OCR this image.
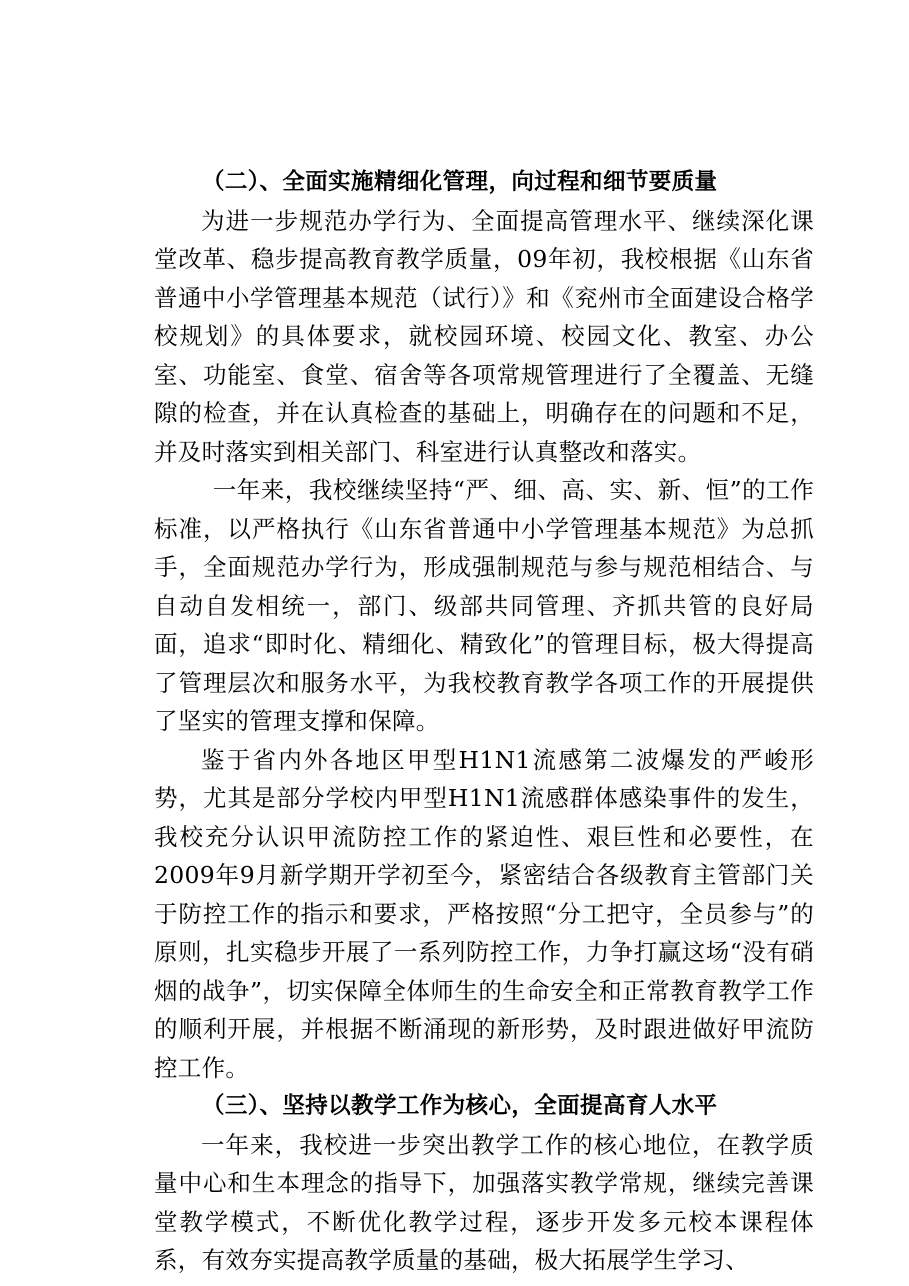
（二）、全面实施精细化管理，向过程和细节要质量

为进一步规范办学行为、全面提高管理水平、继续深化课堂改革、稳步提高教育教学质量，09年初，我校根据《山东省普通中小学管理基本规范（试行）》和《兖州市全面建设合格学校规划》的具体要求，就校园环境、校园文化、教室、办公室、功能室、食堂、宿舍等各项常规管理进行了全覆盖、无缝隙的检查，并在认真检查的基础上，明确存在的问题和不足，并及时落实到相关部门、科室进行认真整改和落实。

一年来，我校继续坚持“严、细、高、实、新、恒”的工作标准，以严格执行《山东省普通中小学管理基本规范》为总抓手，全面规范办学行为，形成强制规范与参与规范相结合、与自动自发相统一，部门、级部共同管理、齐抓共管的良好局面，追求“即时化、精细化、精致化”的管理目标，极大得提高了管理层次和服务水平，为我校教育教学各项工作的开展提供了坚实的管理支撑和保障。

鉴于省内外各地区甲型H1N1流感第二波爆发的严峻形势，尤其是部分学校内甲型H1N1流感群体感染事件的发生，我校充分认识甲流防控工作的紧迫性、艰巨性和必要性，在2009年9月新学期开学初至今，紧密结合各级教育主管部门关于防控工作的指示和要求，严格按照“分工把守，全员参与”的原则，扎实稳步开展了一系列防控工作，力争打赢这场“没有硝烟的战争”，切实保障全体师生的生命安全和正常教育教学工作的顺利开展，并根据不断涌现的新形势，及时跟进做好甲流防控工作。

（三）、坚持以教学工作为核心，全面提高育人水平

一年来，我校进一步突出教学工作的核心地位，在教学质量中心和生本理念的指导下，加强落实教学常规，继续完善课堂教学模式，不断优化教学过程，逐步开发多元校本课程体系，有效夯实提高教学质量的基础，极大拓展学生学习、
